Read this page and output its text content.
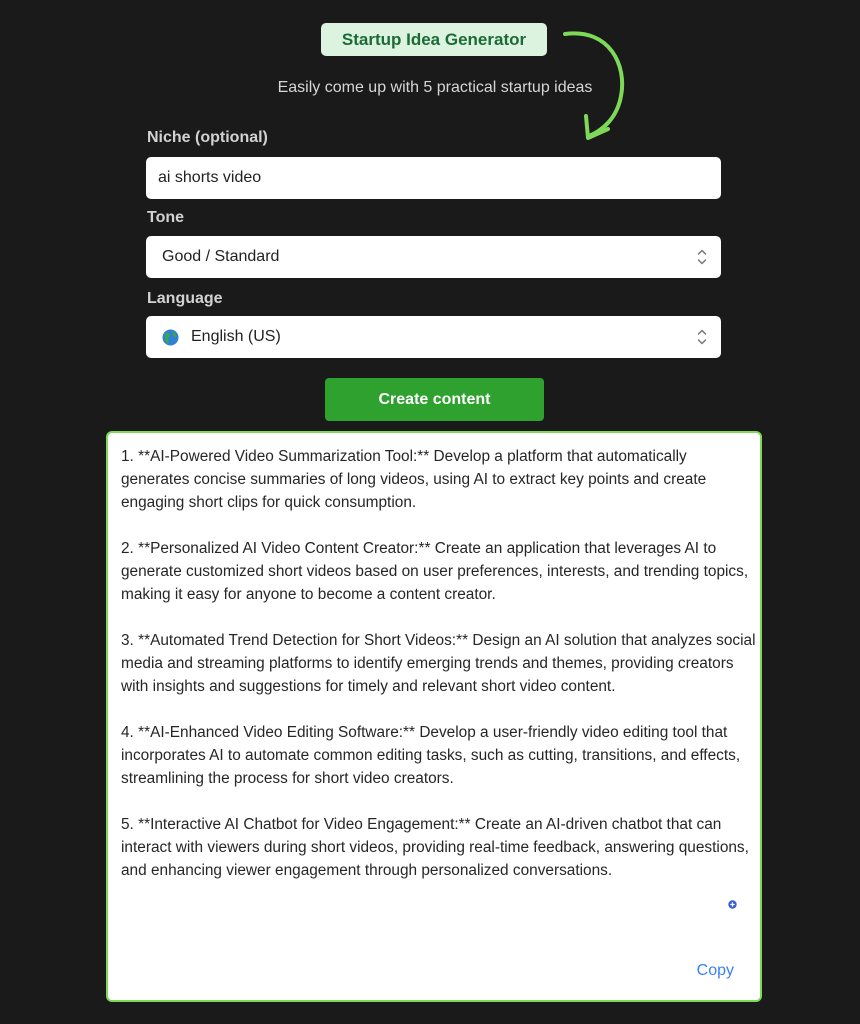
Startup Idea Generator
Easily come up with 5 practical startup ideas
Niche (optional)
ai shorts video
Tone
Good / Standard
Language
English (US)
Create content

1. **AI-Powered Video Summarization Tool:** Develop a platform that automatically generates concise summaries of long videos, using AI to extract key points and create engaging short clips for quick consumption.

2. **Personalized AI Video Content Creator:** Create an application that leverages AI to generate customized short videos based on user preferences, interests, and trending topics, making it easy for anyone to become a content creator.

3. **Automated Trend Detection for Short Videos:** Design an AI solution that analyzes social media and streaming platforms to identify emerging trends and themes, providing creators with insights and suggestions for timely and relevant short video content.

4. **AI-Enhanced Video Editing Software:** Develop a user-friendly video editing tool that incorporates AI to automate common editing tasks, such as cutting, transitions, and effects, streamlining the process for short video creators.

5. **Interactive AI Chatbot for Video Engagement:** Create an AI-driven chatbot that can interact with viewers during short videos, providing real-time feedback, answering questions, and enhancing viewer engagement through personalized conversations.

Copy
